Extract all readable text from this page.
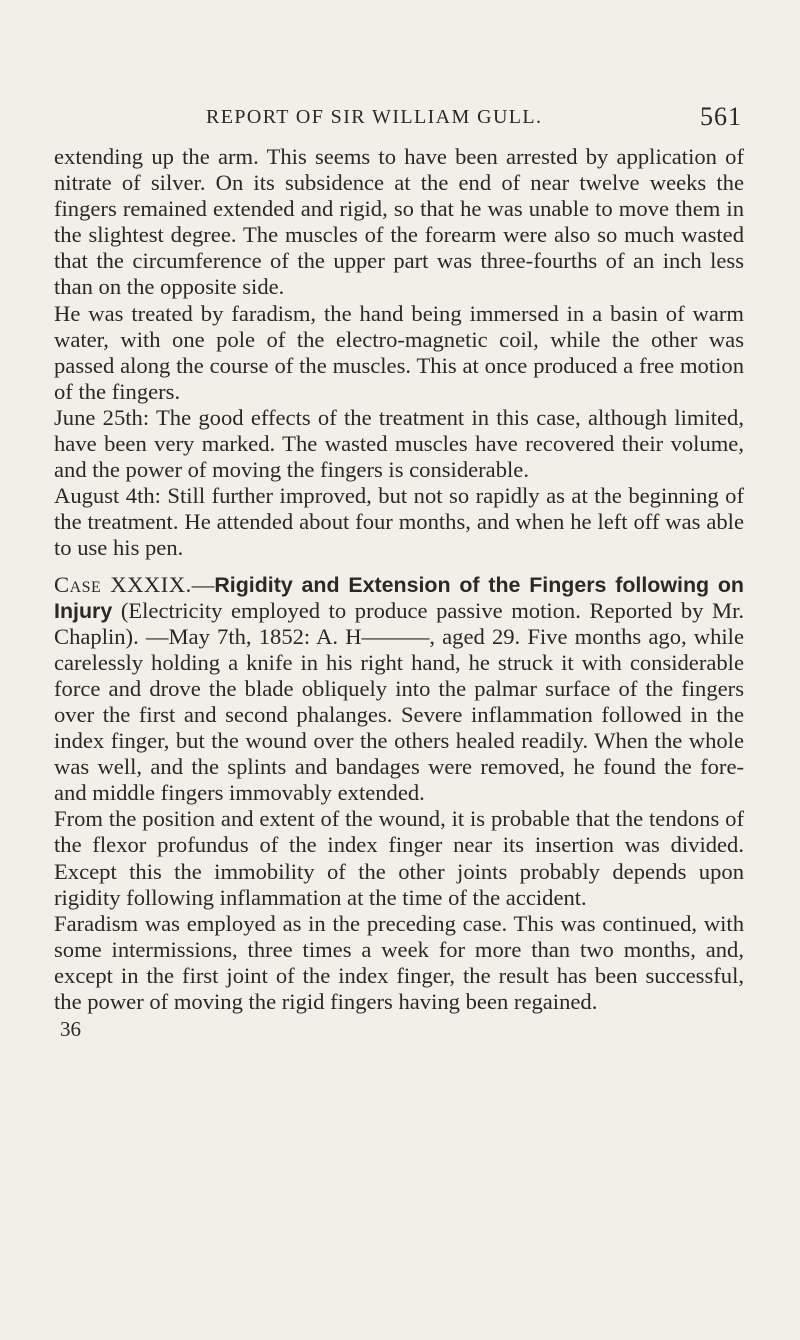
REPORT OF SIR WILLIAM GULL.	561

extending up the arm. This seems to have been arrested by application of nitrate of silver. On its subsidence at the end of near twelve weeks the fingers remained extended and rigid, so that he was unable to move them in the slightest degree. The muscles of the forearm were also so much wasted that the circumference of the upper part was three-fourths of an inch less than on the opposite side.

He was treated by faradism, the hand being immersed in a basin of warm water, with one pole of the electro-magnetic coil, while the other was passed along the course of the muscles. This at once produced a free motion of the fingers.

June 25th: The good effects of the treatment in this case, although limited, have been very marked. The wasted muscles have recovered their volume, and the power of moving the fingers is considerable.

August 4th: Still further improved, but not so rapidly as at the beginning of the treatment. He attended about four months, and when he left off was able to use his pen.

Case XXXIX.—Rigidity and Extension of the Fingers following on Injury (Electricity employed to produce passive motion. Reported by Mr. Chaplin). —May 7th, 1852: A. H———, aged 29. Five months ago, while carelessly holding a knife in his right hand, he struck it with considerable force and drove the blade obliquely into the palmar surface of the fingers over the first and second phalanges. Severe inflammation followed in the index finger, but the wound over the others healed readily. When the whole was well, and the splints and bandages were removed, he found the fore- and middle fingers immovably extended.

From the position and extent of the wound, it is probable that the tendons of the flexor profundus of the index finger near its insertion was divided. Except this the immobility of the other joints probably depends upon rigidity following inflammation at the time of the accident.

Faradism was employed as in the preceding case. This was continued, with some intermissions, three times a week for more than two months, and, except in the first joint of the index finger, the result has been successful, the power of moving the rigid fingers having been regained.

36
